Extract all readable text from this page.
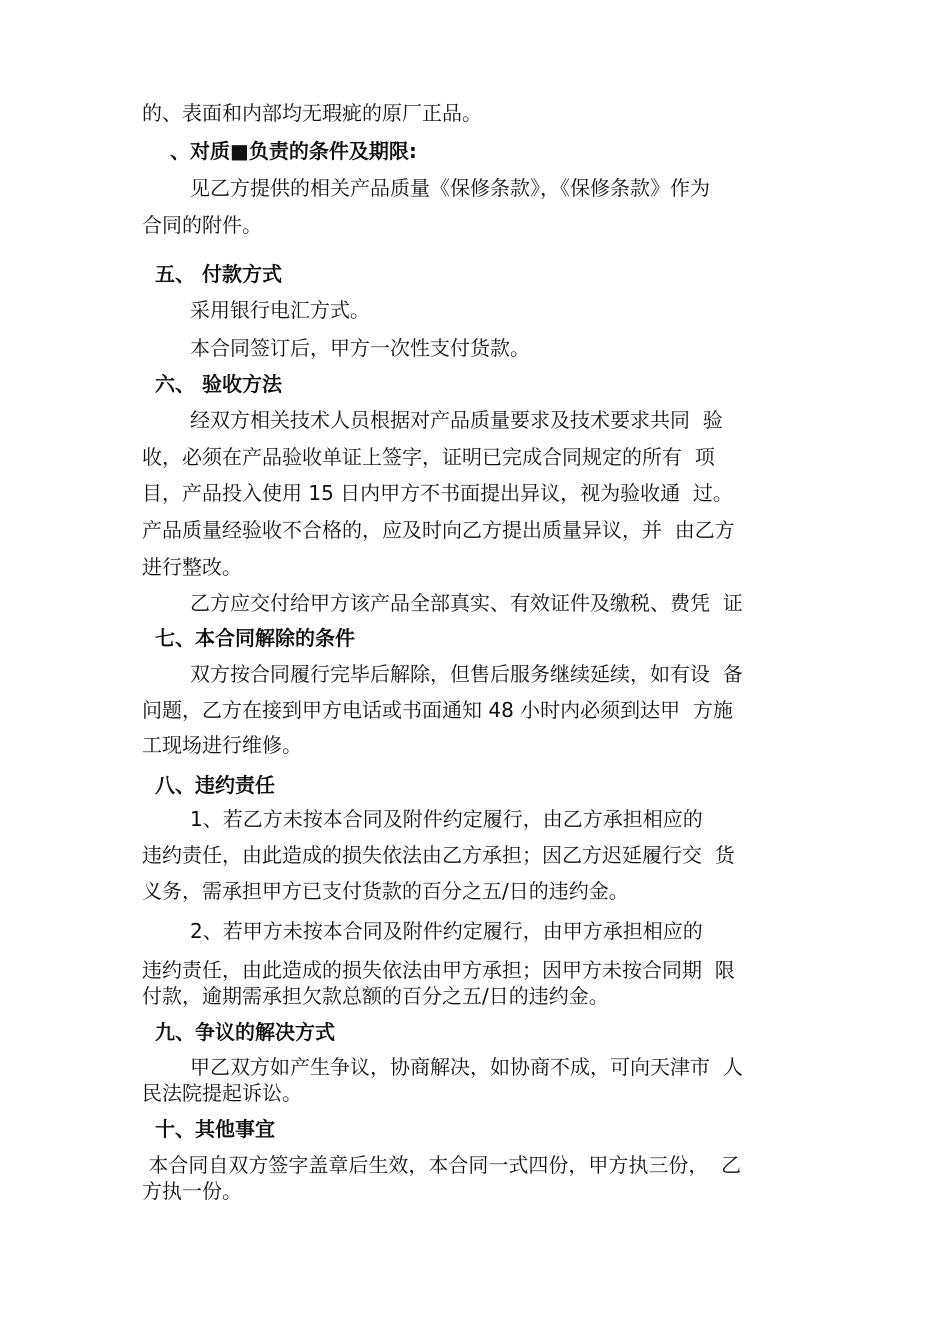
的、表面和内部均无瑕疵的原厂正品。
、对质■负责的条件及期限:
见乙方提供的相关产品质量《保修条款》，《保修条款》作为
合同的附件。
五、 付款方式
采用银行电汇方式。
本合同签订后，甲方一次性支付货款。
六、 验收方法
经双方相关技术人员根据对产品质量要求及技术要求共同  验
收，必须在产品验收单证上签字，证明已完成合同规定的所有  项
目，产品投入使用 15 日内甲方不书面提出异议，视为验收通  过。
产品质量经验收不合格的，应及时向乙方提出质量异议，并  由乙方
进行整改。
乙方应交付给甲方该产品全部真实、有效证件及缴税、费凭  证
七、本合同解除的条件
双方按合同履行完毕后解除，但售后服务继续延续，如有设  备
问题，乙方在接到甲方电话或书面通知 48 小时内必须到达甲  方施
工现场进行维修。
八、违约责任
1、若乙方未按本合同及附件约定履行，由乙方承担相应的
违约责任，由此造成的损失依法由乙方承担；因乙方迟延履行交  货
义务，需承担甲方已支付货款的百分之五/日的违约金。
2、若甲方未按本合同及附件约定履行，由甲方承担相应的
违约责任，由此造成的损失依法由甲方承担；因甲方未按合同期  限
付款，逾期需承担欠款总额的百分之五/日的违约金。
九、争议的解决方式
甲乙双方如产生争议，协商解决，如协商不成，可向天津市  人
民法院提起诉讼。
十、其他事宜
本合同自双方签字盖章后生效，本合同一式四份，甲方执三份，  乙
方执一份。
